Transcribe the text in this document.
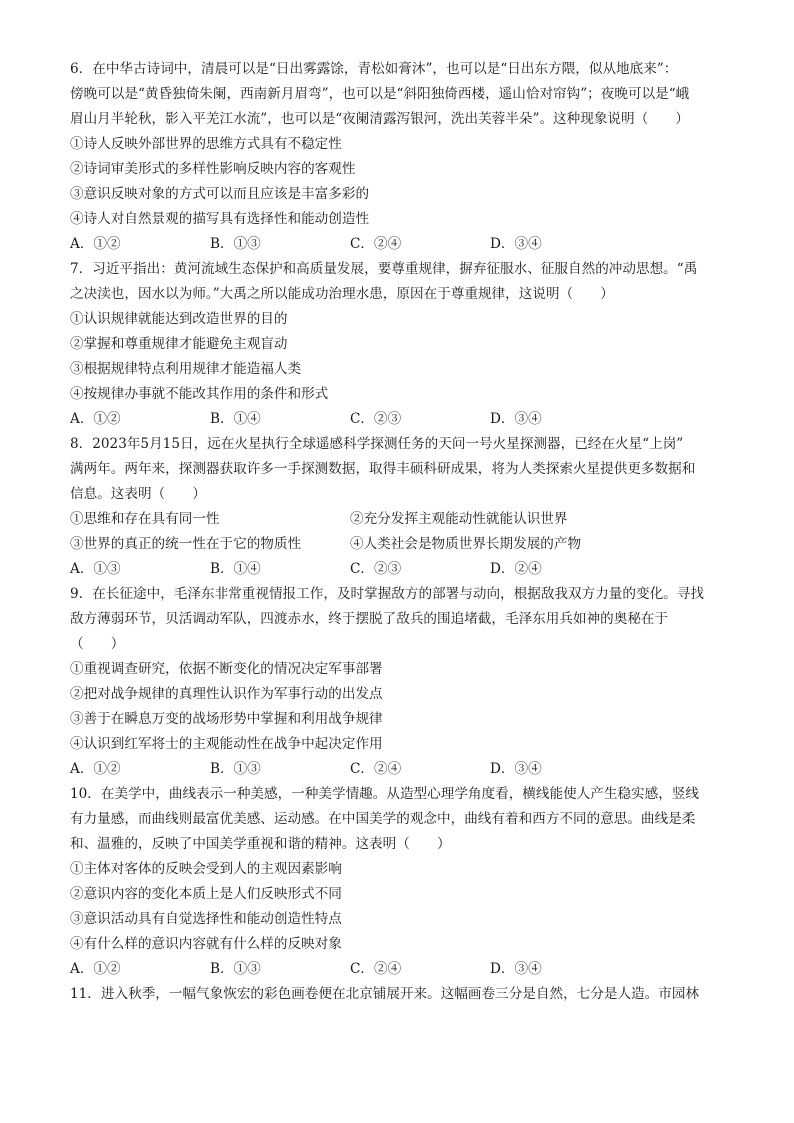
6．在中华古诗词中，清晨可以是“日出雾露馀，青松如膏沐”，也可以是“日出东方隈，似从地底来”：

傍晚可以是“黄昏独倚朱阑，西南新月眉弯”，也可以是“斜阳独倚西楼，遥山恰对帘钩”；夜晚可以是“峨

眉山月半轮秋，影入平羌江水流”，也可以是“夜阑清露泻银河，洗出芙蓉半朵”。这种现象说明（　　）

①诗人反映外部世界的思维方式具有不稳定性

②诗词审美形式的多样性影响反映内容的客观性

③意识反映对象的方式可以而且应该是丰富多彩的

④诗人对自然景观的描写具有选择性和能动创造性

A．①②	B．①③	C．②④	D．③④

7．习近平指出：黄河流域生态保护和高质量发展，要尊重规律，摒弃征服水、征服自然的冲动思想。“禹

之决渎也，因水以为师。”大禹之所以能成功治理水患，原因在于尊重规律，这说明（　　）

①认识规律就能达到改造世界的目的

②掌握和尊重规律才能避免主观盲动

③根据规律特点利用规律才能造福人类

④按规律办事就不能改其作用的条件和形式

A．①②	B．①④	C．②③	D．③④

8．2023年5月15日，远在火星执行全球遥感科学探测任务的天问一号火星探测器，已经在火星“上岗”

满两年。两年来，探测器获取许多一手探测数据，取得丰硕科研成果，将为人类探索火星提供更多数据和

信息。这表明（　　）

①思维和存在具有同一性	②充分发挥主观能动性就能认识世界

③世界的真正的统一性在于它的物质性	④人类社会是物质世界长期发展的产物

A．①③	B．①④	C．②③	D．②④

9．在长征途中，毛泽东非常重视情报工作，及时掌握敌方的部署与动向，根据敌我双方力量的变化。寻找

敌方薄弱环节，贝活调动军队，四渡赤水，终于摆脱了敌兵的围追堵截，毛泽东用兵如神的奥秘在于

（　　）

①重视调查研究，依据不断变化的情况决定军事部署

②把对战争规律的真理性认识作为军事行动的出发点

③善于在瞬息万变的战场形势中掌握和利用战争规律

④认识到红军将士的主观能动性在战争中起决定作用

A．①②	B．①③	C．②④	D．③④

10．在美学中，曲线表示一种美感，一种美学情趣。从造型心理学角度看，横线能使人产生稳实感，竖线

有力量感，而曲线则最富优美感、运动感。在中国美学的观念中，曲线有着和西方不同的意思。曲线是柔

和、温雅的，反映了中国美学重视和谐的精神。这表明（　　）

①主体对客体的反映会受到人的主观因素影响

②意识内容的变化本质上是人们反映形式不同

③意识活动具有自觉选择性和能动创造性特点

④有什么样的意识内容就有什么样的反映对象

A．①②	B．①③	C．②④	D．③④

11．进入秋季，一幅气象恢宏的彩色画卷便在北京铺展开来。这幅画卷三分是自然，七分是人造。市园林
